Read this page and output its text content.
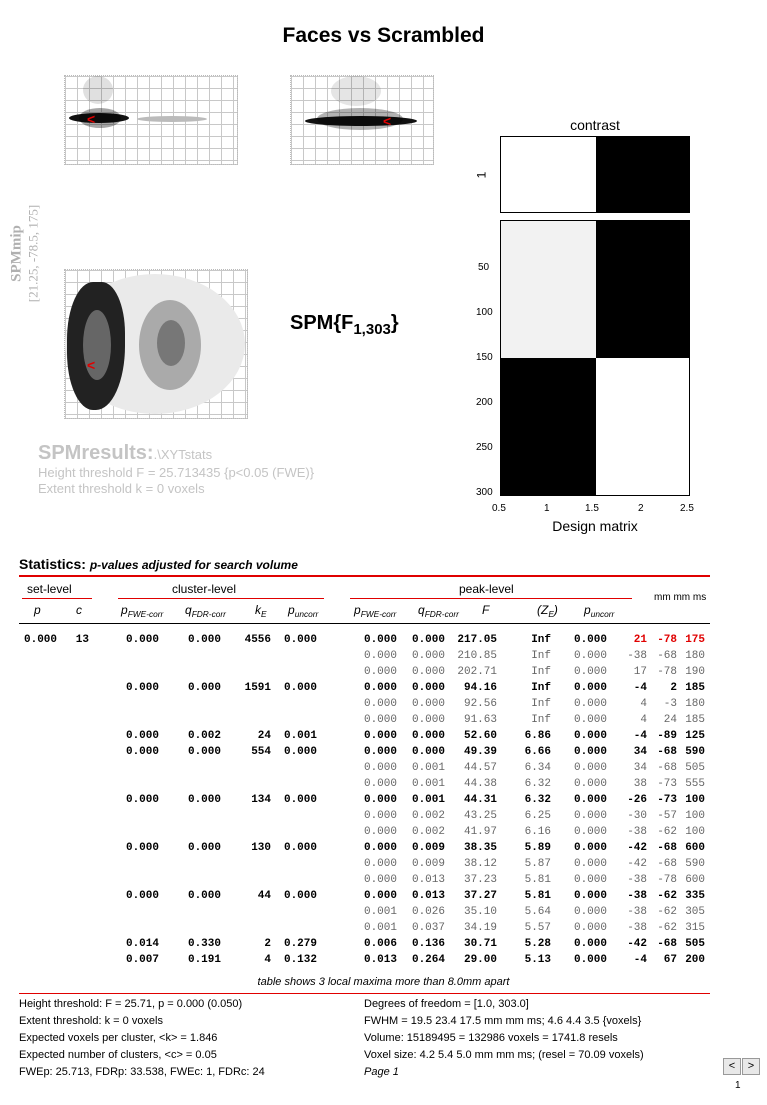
Faces vs Scrambled
<	<
<
SPMmip [21.25, -78.5, 175]
$SPM\{F_{1,303}\}$
SPMresults:.\XYTstats
Height threshold F = 25.713435 {p<0.05 (FWE)}
Extent threshold k = 0 voxels
contrast
1
50
100
150
200
250
300
0.5	1	1.5	2	2.5
Design matrix
Statistics: p-values adjusted for search volume
set-level	cluster-level	peak-level
mm mm ms
p	c	$p_{FWE-corr}$ $q_{FDR-corr}$ $k_E$ $p_{uncorr}$	$p_{FWE-corr}$ $q_{FDR-corr}$ F	$(Z_E)$ $p_{uncorr}$
0.000	13	0.000	0.000	4556	0.000	0.000	0.000	217.05	Inf	0.000	21	-78	175
						0.000	0.000	210.85	Inf	0.000	-38	-68	180
						0.000	0.000	202.71	Inf	0.000	17	-78	190
		0.000	0.000	1591	0.000	0.000	0.000	94.16	Inf	0.000	-4	2	185
						0.000	0.000	92.56	Inf	0.000	4	-3	180
						0.000	0.000	91.63	Inf	0.000	4	24	185
		0.000	0.002	24	0.001	0.000	0.000	52.60	6.86	0.000	-4	-89	125
		0.000	0.000	554	0.000	0.000	0.000	49.39	6.66	0.000	34	-68	590
						0.000	0.001	44.57	6.34	0.000	34	-68	505
						0.000	0.001	44.38	6.32	0.000	38	-73	555
		0.000	0.000	134	0.000	0.000	0.001	44.31	6.32	0.000	-26	-73	100
						0.000	0.002	43.25	6.25	0.000	-30	-57	100
						0.000	0.002	41.97	6.16	0.000	-38	-62	100
		0.000	0.000	130	0.000	0.000	0.009	38.35	5.89	0.000	-42	-68	600
						0.000	0.009	38.12	5.87	0.000	-42	-68	590
						0.000	0.013	37.23	5.81	0.000	-38	-78	600
		0.000	0.000	44	0.000	0.000	0.013	37.27	5.81	0.000	-38	-62	335
						0.001	0.026	35.10	5.64	0.000	-38	-62	305
						0.001	0.037	34.19	5.57	0.000	-38	-62	315
		0.014	0.330	2	0.279	0.006	0.136	30.71	5.28	0.000	-42	-68	505
		0.007	0.191	4	0.132	0.013	0.264	29.00	5.13	0.000	-4	67	200
table shows 3 local maxima more than 8.0mm apart
Height threshold: F = 25.71, p = 0.000 (0.050)
Extent threshold: k = 0 voxels
Expected voxels per cluster, <k> = 1.846
Expected number of clusters, <c> = 0.05
FWEp: 25.713, FDRp: 33.538, FWEc: 1, FDRc: 24
Degrees of freedom = [1.0, 303.0]
FWHM = 19.5 23.4 17.5 mm mm ms; 4.6 4.4 3.5 {voxels}
Volume: 15189495 = 132986 voxels = 1741.8 resels
Voxel size: 4.2 5.4 5.0 mm mm ms; (resel = 70.09 voxels)
Page 1	<	>
1
